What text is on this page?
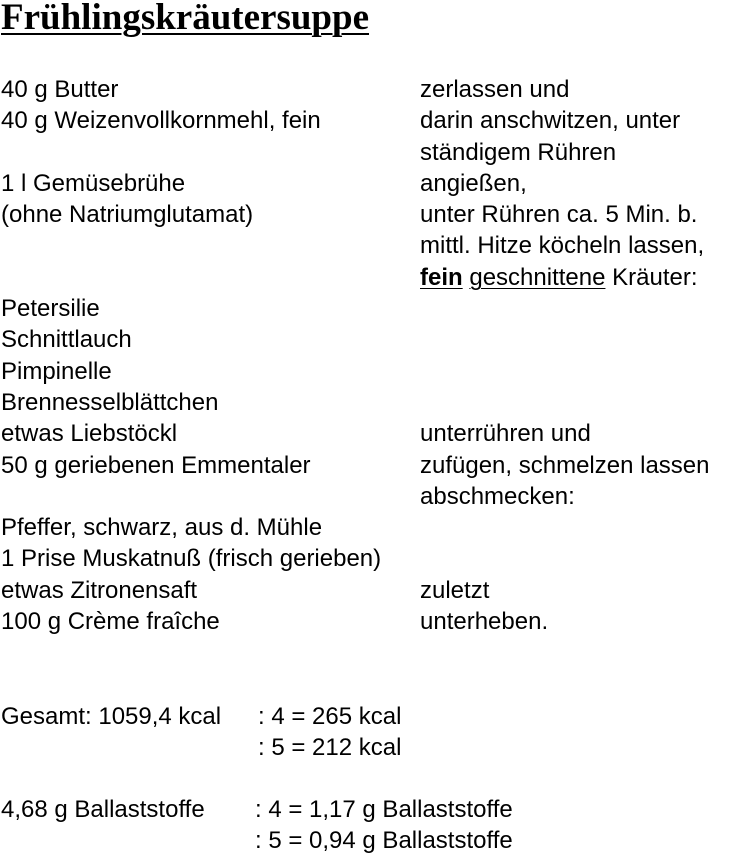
Frühlingskräutersuppe
40 g Butter	zerlassen und
40 g Weizenvollkornmehl, fein	darin anschwitzen, unter
ständigem Rühren
1 l Gemüsebrühe	angießen,
(ohne Natriumglutamat)	unter Rühren ca. 5 Min. b.
mittl. Hitze köcheln lassen,
fein geschnittene Kräuter:
Petersilie
Schnittlauch
Pimpinelle
Brennesselblättchen
etwas Liebstöckl	unterrühren und
50 g geriebenen Emmentaler	zufügen, schmelzen lassen
abschmecken:
Pfeffer, schwarz, aus d. Mühle
1 Prise Muskatnuß (frisch gerieben)
etwas Zitronensaft	zuletzt
100 g Crème fraîche	unterheben.
Gesamt: 1059,4 kcal : 4 = 265 kcal
: 5 = 212 kcal
4,68 g Ballaststoffe : 4 = 1,17 g Ballaststoffe
: 5 = 0,94 g Ballaststoffe
